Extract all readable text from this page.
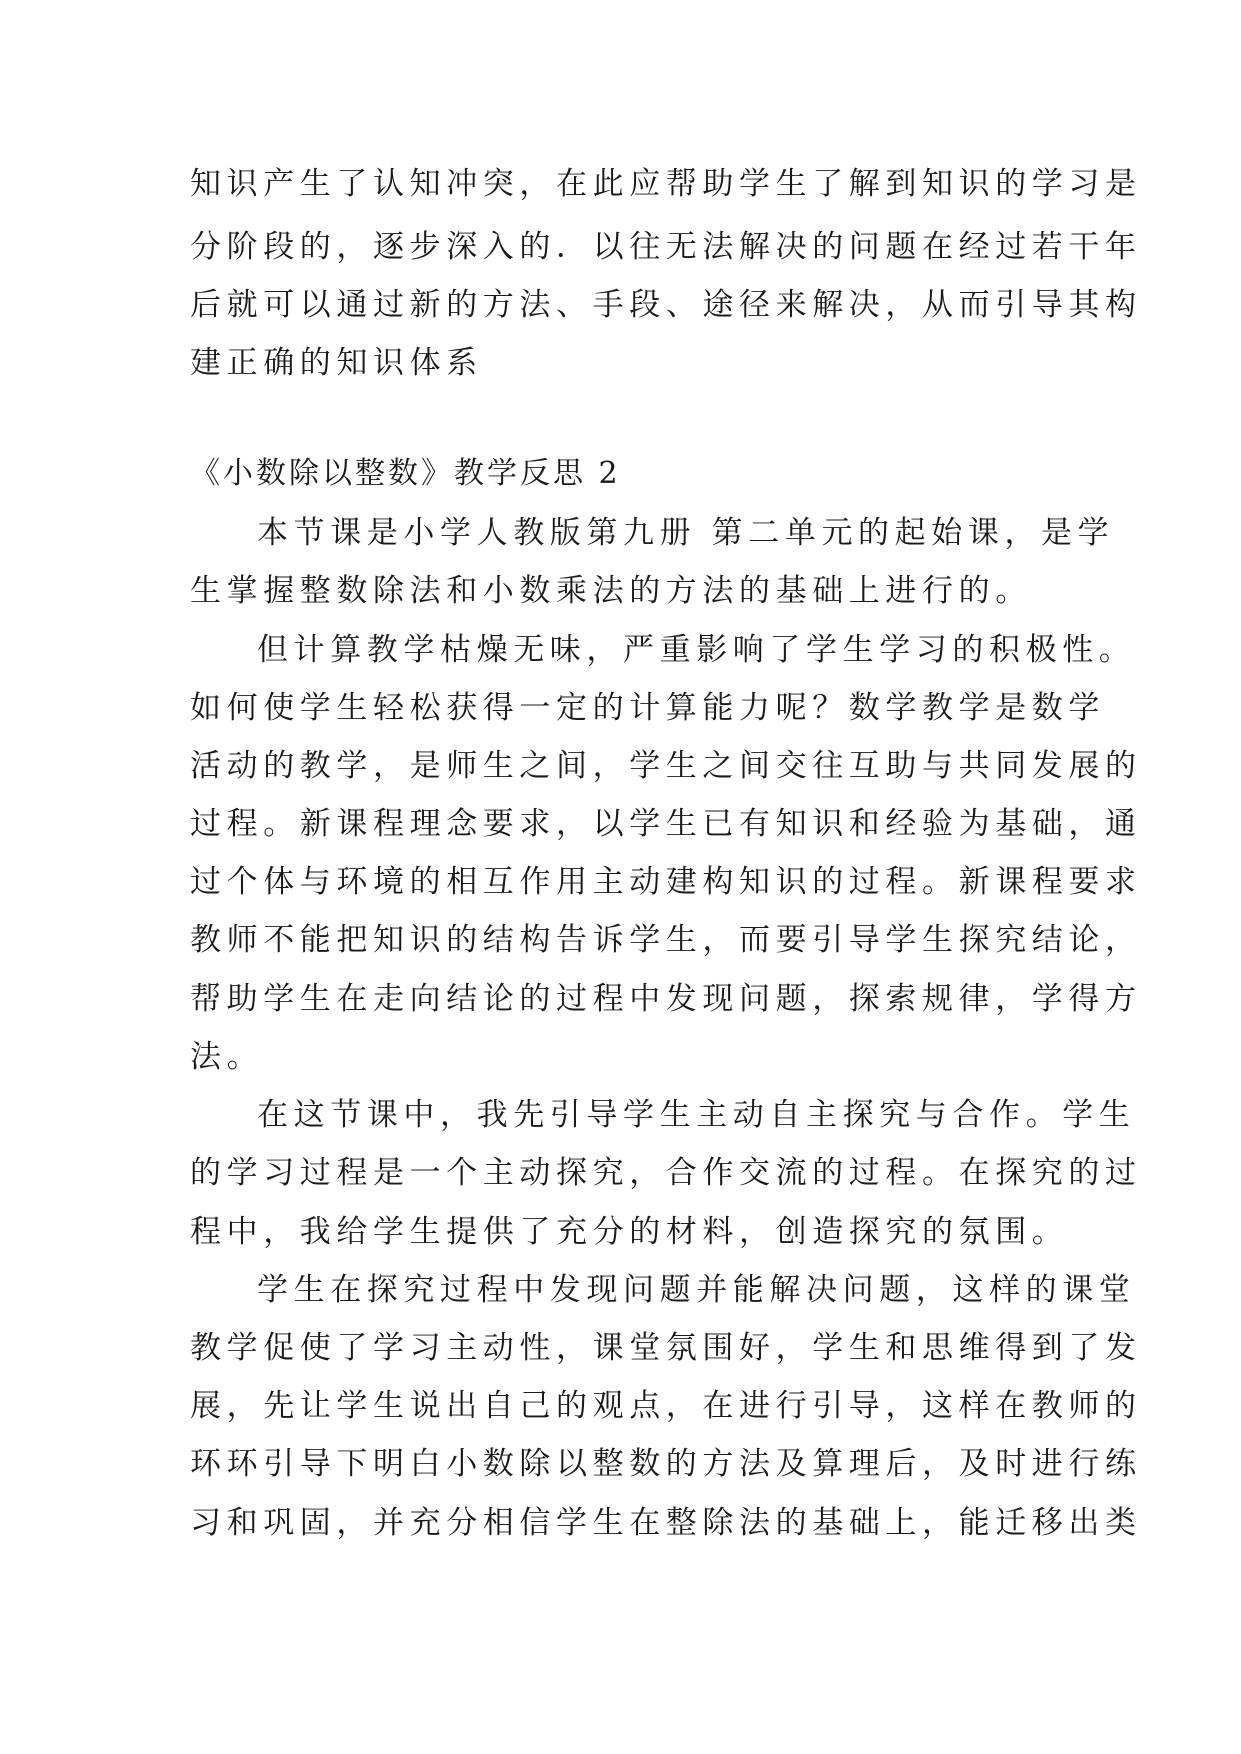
知识产生了认知冲突，在此应帮助学生了解到知识的学习是
分阶段的，逐步深入的．以往无法解决的问题在经过若干年
后就可以通过新的方法、手段、途径来解决，从而引导其构
建正确的知识体系
《小数除以整数》教学反思 2
本节课是小学人教版第九册 第二单元的起始课，是学
生掌握整数除法和小数乘法的方法的基础上进行的。
但计算教学枯燥无味，严重影响了学生学习的积极性。
如何使学生轻松获得一定的计算能力呢？数学教学是数学
活动的教学，是师生之间，学生之间交往互助与共同发展的
过程。新课程理念要求，以学生已有知识和经验为基础，通
过个体与环境的相互作用主动建构知识的过程。新课程要求
教师不能把知识的结构告诉学生，而要引导学生探究结论，
帮助学生在走向结论的过程中发现问题，探索规律，学得方
法。
在这节课中，我先引导学生主动自主探究与合作。学生
的学习过程是一个主动探究，合作交流的过程。在探究的过
程中，我给学生提供了充分的材料，创造探究的氛围。
学生在探究过程中发现问题并能解决问题，这样的课堂
教学促使了学习主动性，课堂氛围好，学生和思维得到了发
展，先让学生说出自己的观点，在进行引导，这样在教师的
环环引导下明白小数除以整数的方法及算理后，及时进行练
习和巩固，并充分相信学生在整除法的基础上，能迁移出类
